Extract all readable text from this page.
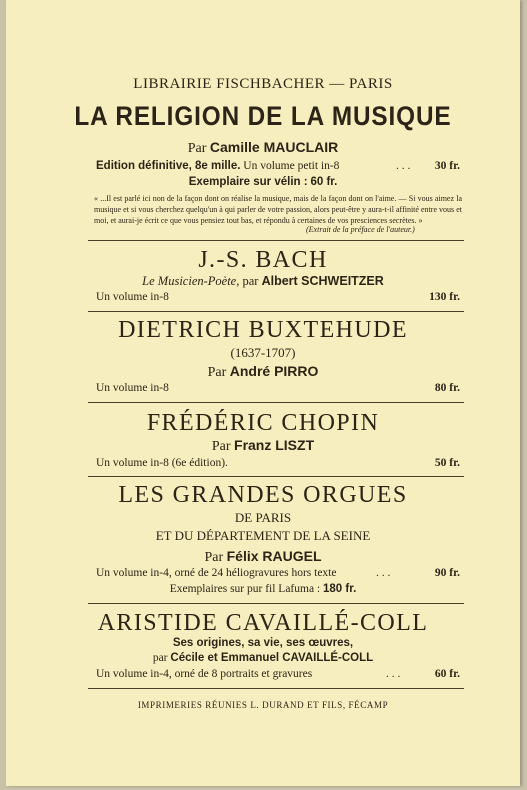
LIBRAIRIE FISCHBACHER — PARIS
LA RELIGION DE LA MUSIQUE
Par Camille MAUCLAIR
Edition définitive, 8e mille. Un volume petit in-8	. . . 30 fr.
Exemplaire sur vélin : 60 fr.
« ...Il est parlé ici non de la façon dont on réalise la musique, mais de la façon dont on l'aime. — Si vous aimez la musique et si vous cherchez quelqu'un à qui parler de votre passion, alors peut-être y aura-t-il affinité entre vous et moi, et aurai-je écrit ce que vous pensiez tout bas, et répondu à certaines de vos presciences secrètes. »
(Extrait de la préface de l'auteur.)
J.-S. BACH
Le Musicien-Poète, par Albert SCHWEITZER
Un volume in-8	130 fr.
DIETRICH BUXTEHUDE
(1637-1707)
Par André PIRRO
Un volume in-8	80 fr.
FRÉDÉRIC CHOPIN
Par Franz LISZT
Un volume in-8 (6e édition).	50 fr.
LES GRANDES ORGUES
DE PARIS
ET DU DÉPARTEMENT DE LA SEINE
Par Félix RAUGEL
Un volume in-4, orné de 24 héliogravures hors texte	. . .	90 fr.
Exemplaires sur pur fil Lafuma : 180 fr.
ARISTIDE CAVAILLÉ-COLL
Ses origines, sa vie, ses œuvres,
par Cécile et Emmanuel CAVAILLÉ-COLL
Un volume in-4, orné de 8 portraits et gravures	. . .	60 fr.
IMPRIMERIES RÉUNIES L. DURAND ET FILS, FÉCAMP
